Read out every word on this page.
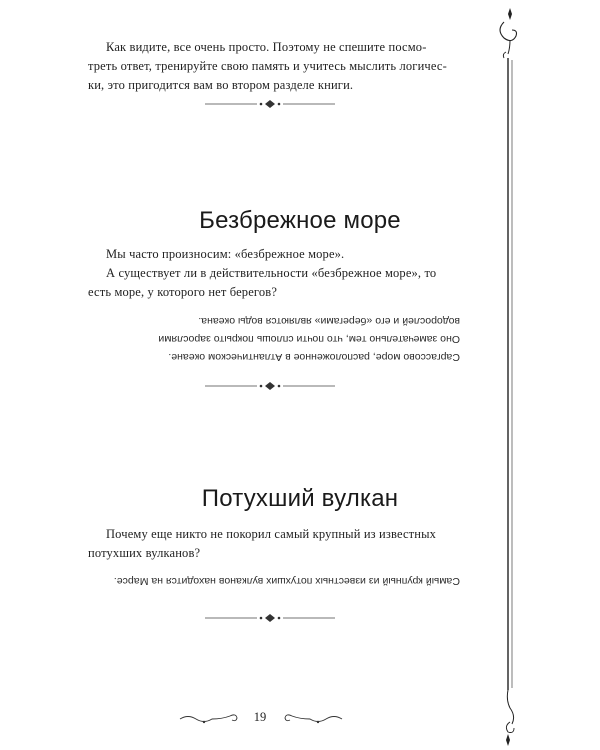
Как видите, все очень просто. Поэтому не спешите посмо-
треть ответ, тренируйте свою память и учитесь мыслить логичес-
ки, это пригодится вам во втором разделе книги.
Безбрежное море
Мы часто произносим: «безбрежное море».
А существует ли в действительности «безбрежное море», то
есть море, у которого нет берегов?
Саргассово море, расположенное в Атлантическом океане.
Оно замечательно тем, что почти сплошь покрыто зарослями
водорослей и его «берегами» являются воды океана.
Потухший вулкан
Почему еще никто не покорил самый крупный из известных
потухших вулканов?
Самый крупный из известных потухших вулканов находится на Марсе.
19
